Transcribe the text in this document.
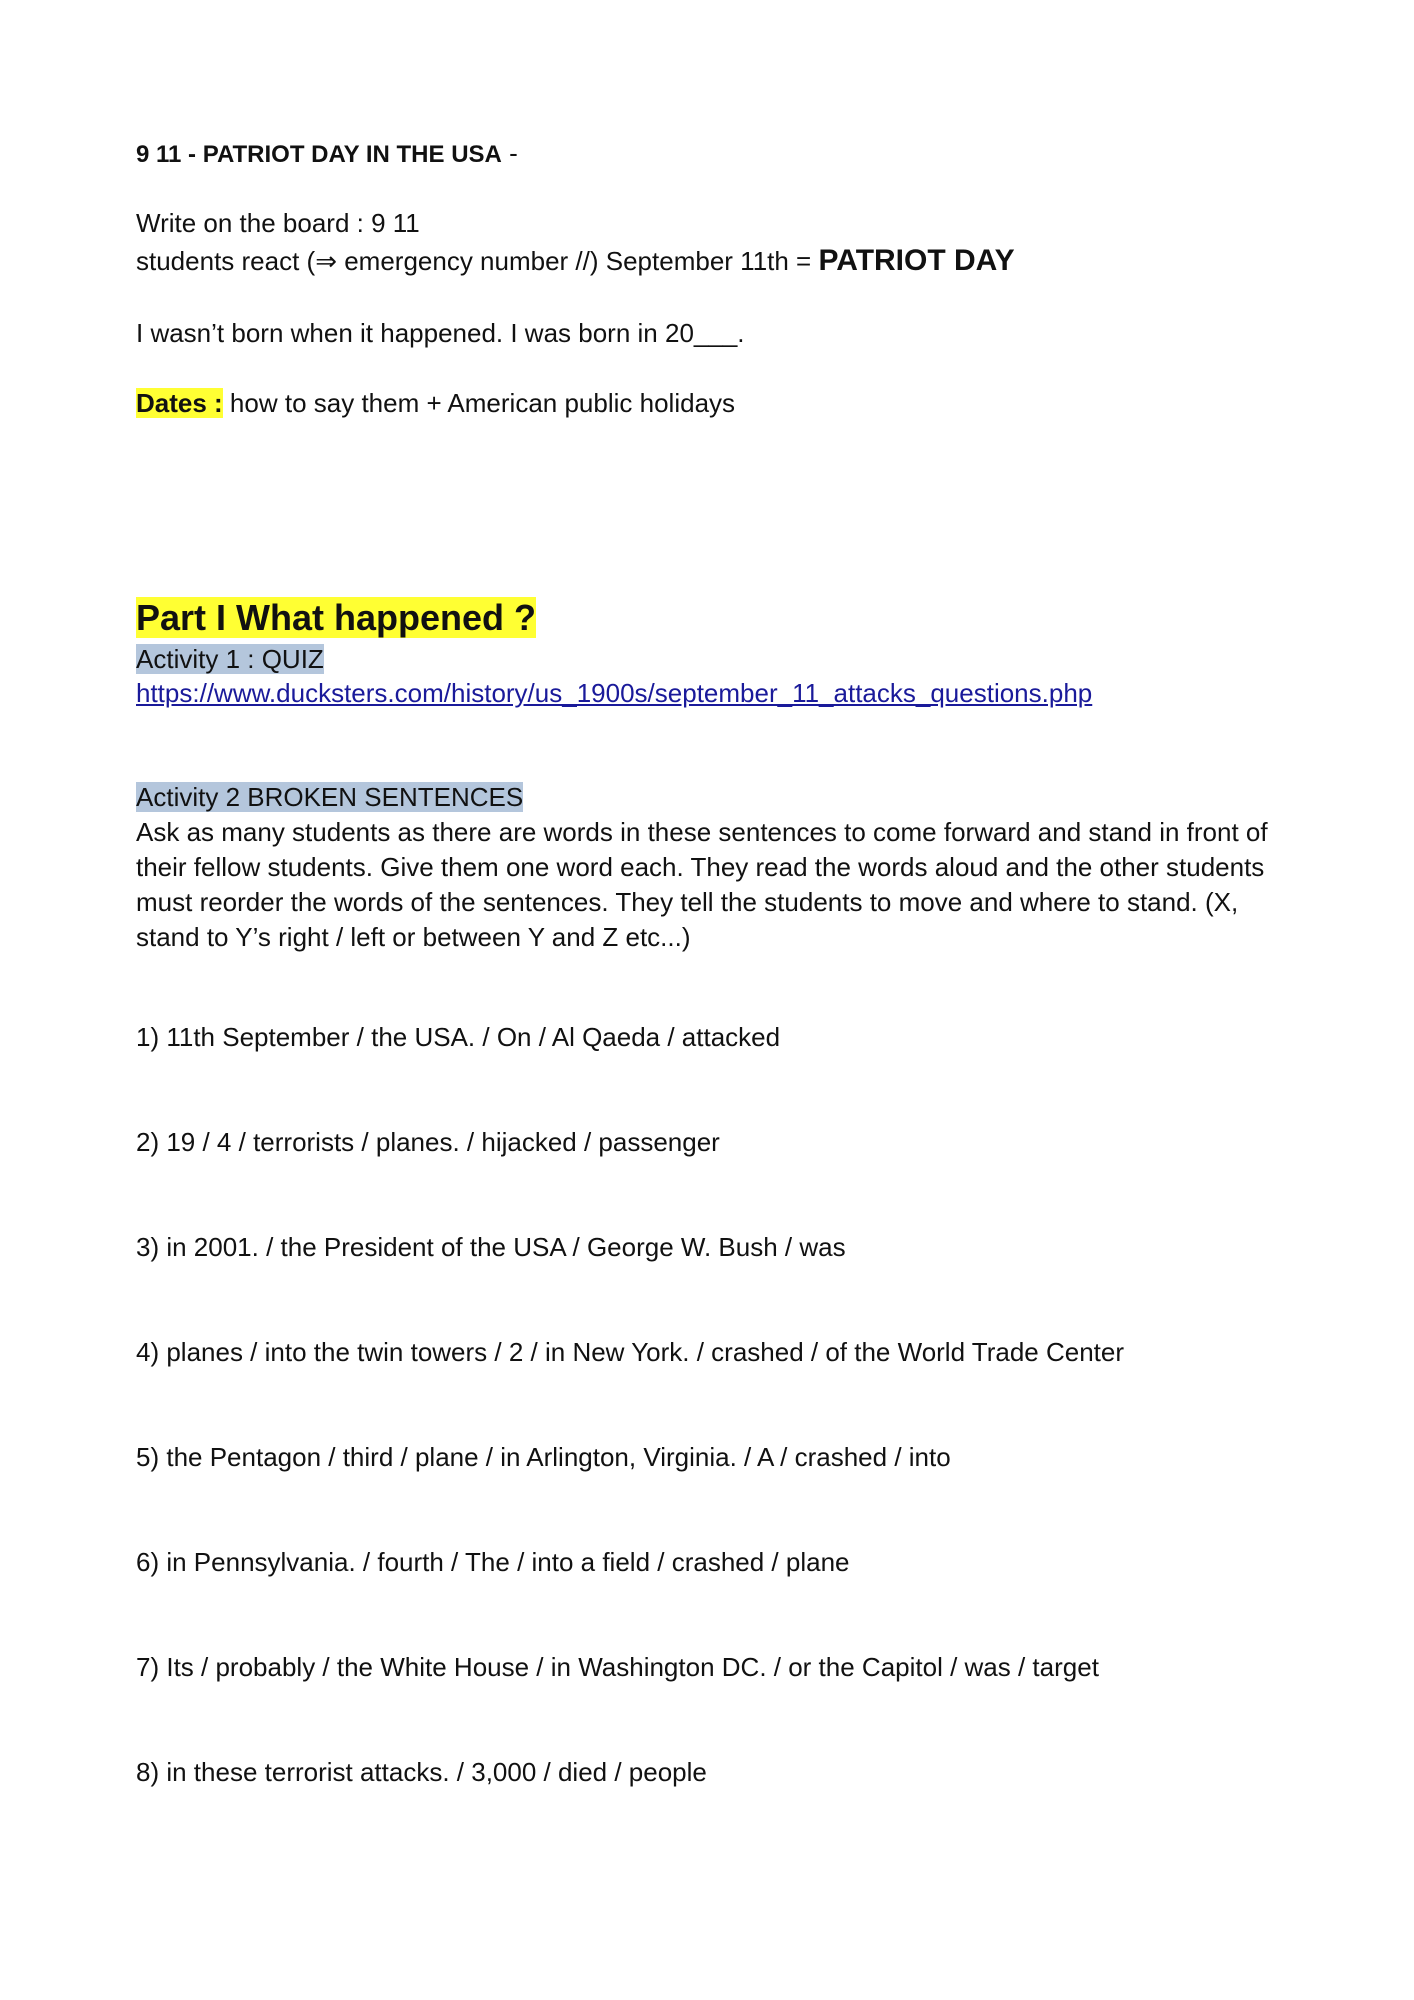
9 11 - PATRIOT DAY IN THE USA -
Write on the board : 9 11
students react (⇒ emergency number //) September 11th = PATRIOT DAY
I wasn’t born when it happened. I was born in 20___.
Dates : how to say them + American public holidays
Part I What happened ?
Activity 1 : QUIZ
https://www.ducksters.com/history/us_1900s/september_11_attacks_questions.php
Activity 2 BROKEN SENTENCES
Ask as many students as there are words in these sentences to come forward and stand in front of their fellow students. Give them one word each. They read the words aloud and the other students must reorder the words of the sentences. They tell the students to move and where to stand. (X, stand to Y’s right / left or between Y and Z etc...)
1) 11th September / the USA. / On / Al Qaeda / attacked
2) 19 / 4 / terrorists / planes. / hijacked / passenger
3) in 2001. / the President of the USA / George W. Bush / was
4) planes / into the twin towers / 2 / in New York. / crashed / of the World Trade Center
5) the Pentagon / third / plane / in Arlington, Virginia. / A / crashed / into
6) in Pennsylvania. / fourth / The / into a field / crashed / plane
7) Its / probably / the White House / in Washington DC. / or the Capitol / was / target
8) in these terrorist attacks. / 3,000 / died / people
